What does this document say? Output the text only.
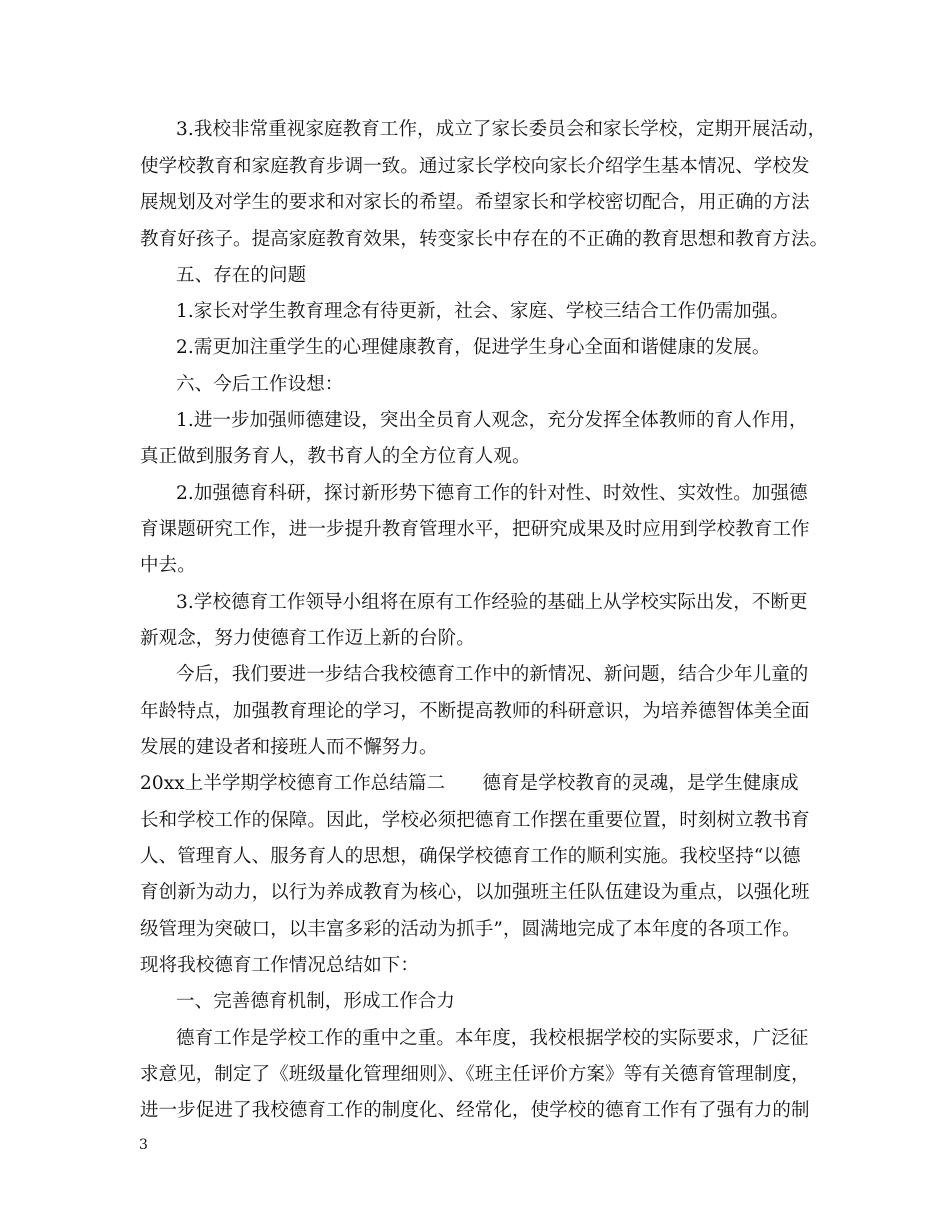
3.我校非常重视家庭教育工作，成立了家长委员会和家长学校，定期开展活动，
使学校教育和家庭教育步调一致。通过家长学校向家长介绍学生基本情况、学校发
展规划及对学生的要求和对家长的希望。希望家长和学校密切配合，用正确的方法
教育好孩子。提高家庭教育效果，转变家长中存在的不正确的教育思想和教育方法。
五、存在的问题
1.家长对学生教育理念有待更新，社会、家庭、学校三结合工作仍需加强。
2.需更加注重学生的心理健康教育，促进学生身心全面和谐健康的发展。
六、今后工作设想：
1.进一步加强师德建设，突出全员育人观念，充分发挥全体教师的育人作用，
真正做到服务育人，教书育人的全方位育人观。
2.加强德育科研，探讨新形势下德育工作的针对性、时效性、实效性。加强德
育课题研究工作，进一步提升教育管理水平，把研究成果及时应用到学校教育工作
中去。
3.学校德育工作领导小组将在原有工作经验的基础上从学校实际出发，不断更
新观念，努力使德育工作迈上新的台阶。
今后，我们要进一步结合我校德育工作中的新情况、新问题，结合少年儿童的
年龄特点，加强教育理论的学习，不断提高教师的科研意识，为培养德智体美全面
发展的建设者和接班人而不懈努力。
20xx上半学期学校德育工作总结篇二　　德育是学校教育的灵魂，是学生健康成
长和学校工作的保障。因此，学校必须把德育工作摆在重要位置，时刻树立教书育
人、管理育人、服务育人的思想，确保学校德育工作的顺利实施。我校坚持“以德
育创新为动力，以行为养成教育为核心，以加强班主任队伍建设为重点，以强化班
级管理为突破口，以丰富多彩的活动为抓手”，圆满地完成了本年度的各项工作。
现将我校德育工作情况总结如下：
一、完善德育机制，形成工作合力
德育工作是学校工作的重中之重。本年度，我校根据学校的实际要求，广泛征
求意见，制定了《班级量化管理细则》、《班主任评价方案》等有关德育管理制度，
进一步促进了我校德育工作的制度化、经常化，使学校的德育工作有了强有力的制
3
